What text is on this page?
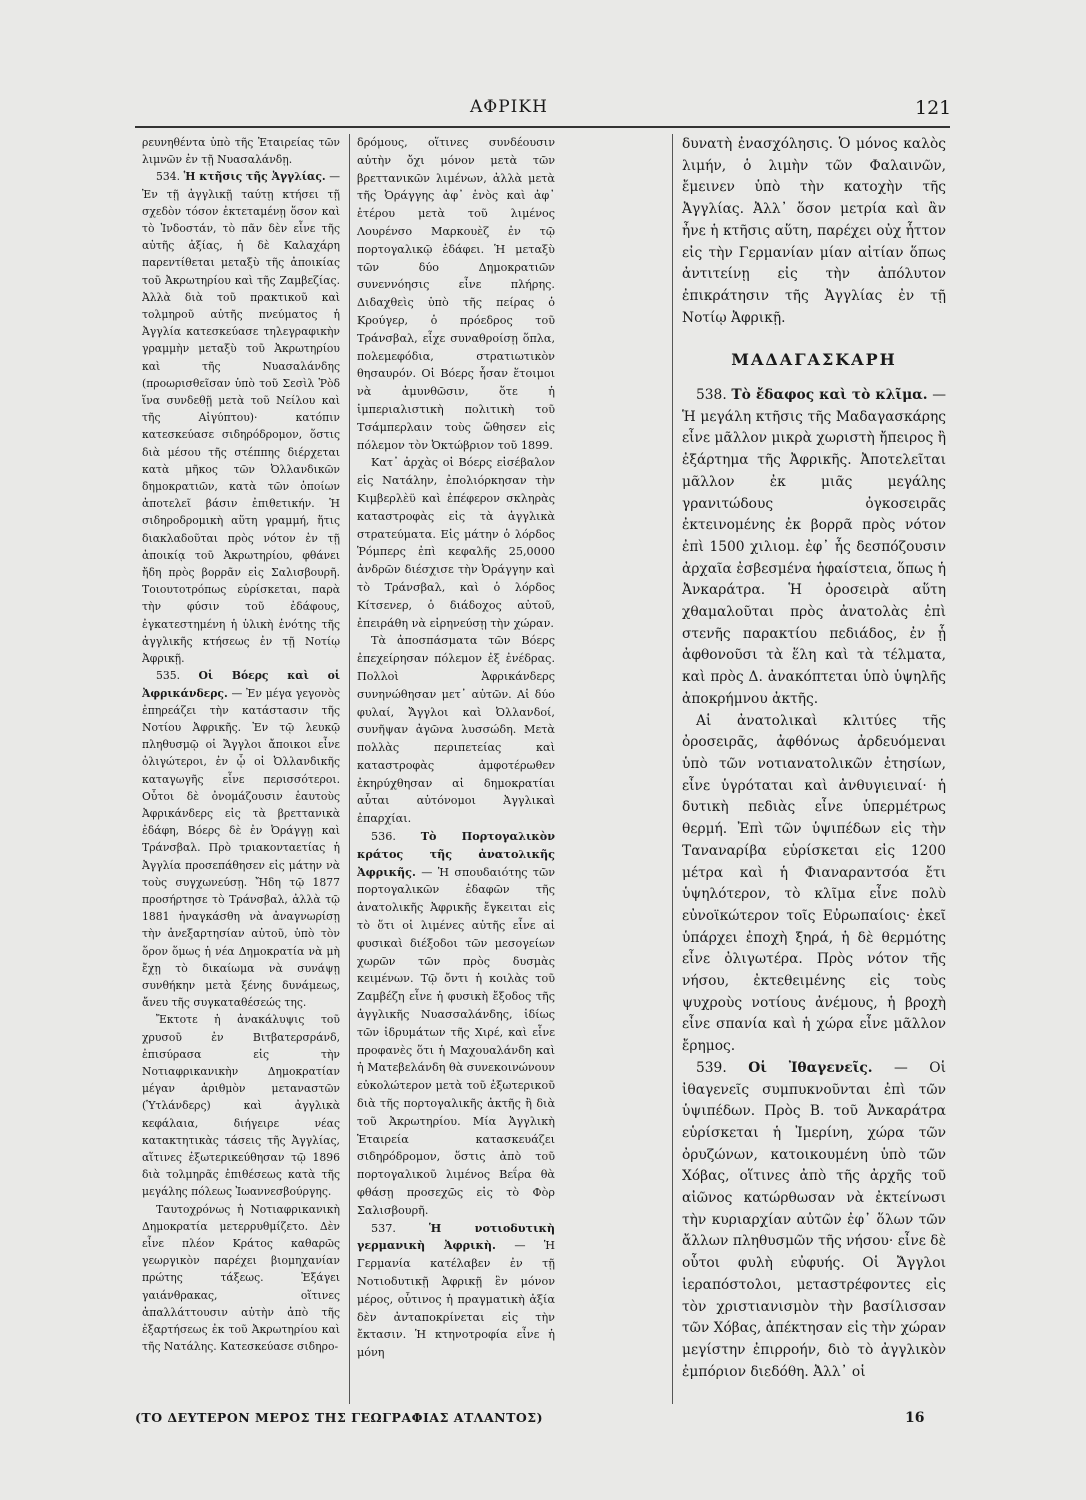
ΑΦΡΙΚΗ	121

ρευνηθέντα ὑπὸ τῆς Ἑταιρείας τῶν λιμνῶν ἐν τῇ Νυασαλάνδῃ.

534. Ἡ κτῆσις τῆς Ἀγγλίας. — Ἐν τῇ ἀγγλικῇ ταύτῃ κτήσει τῇ σχεδὸν τόσον ἐκτεταμένῃ ὅσον καὶ τὸ Ἰνδοστάν, τὸ πᾶν δὲν εἶνε τῆς αὐτῆς ἀξίας, ἡ δὲ Καλαχάρη παρεντίθεται μεταξὺ τῆς ἀποικίας τοῦ Ἀκρωτηρίου καὶ τῆς Ζαμβεζίας. Ἀλλὰ διὰ τοῦ πρακτικοῦ καὶ τολμηροῦ αὐτῆς πνεύματος ἡ Ἀγγλία κατεσκεύασε τηλεγραφικὴν γραμμὴν μεταξὺ τοῦ Ἀκρωτηρίου καὶ τῆς Νυασαλάνδης (προωρισθεῖσαν ὑπὸ τοῦ Σεσὶλ Ῥὸδ ἵνα συνδεθῇ μετὰ τοῦ Νείλου καὶ τῆς Αἰγύπτου)· κατόπιν κατεσκεύασε σιδηρόδρομον, ὅστις διὰ μέσου τῆς στέππης διέρχεται κατὰ μῆκος τῶν Ὀλλανδικῶν δημοκρατιῶν, κατὰ τῶν ὁποίων ἀποτελεῖ βάσιν ἐπιθετικήν. Ἡ σιδηροδρομικὴ αὕτη γραμμή, ἥτις διακλαδοῦται πρὸς νότον ἐν τῇ ἀποικίᾳ τοῦ Ἀκρωτηρίου, φθάνει ἤδη πρὸς βορρᾶν εἰς Σαλισβουρῆ. Τοιουτοτρόπως εὑρίσκεται, παρὰ τὴν φύσιν τοῦ ἐδάφους, ἐγκατεστημένη ἡ ὑλικὴ ἑνότης τῆς ἀγγλικῆς κτήσεως ἐν τῇ Νοτίῳ Ἀφρικῇ.

535. Οἱ Βόερς καὶ οἱ Ἀφρικάνδερς. — Ἐν μέγα γεγονὸς ἐπηρεάζει τὴν κατάστασιν τῆς Νοτίου Ἀφρικῆς. Ἐν τῷ λευκῷ πληθυσμῷ οἱ Ἄγγλοι ἄποικοι εἶνε ὀλιγώτεροι, ἐν ᾧ οἱ Ὀλλανδικῆς καταγωγῆς εἶνε περισσότεροι. Οὗτοι δὲ ὀνομάζουσιν ἑαυτοὺς Ἀφρικάνδερς εἰς τὰ βρεττανικὰ ἐδάφη, Βόερς δὲ ἐν Ὀράγγῃ καὶ Τράνσβαλ. Πρὸ τριακονταετίας ἡ Ἀγγλία προσεπάθησεν εἰς μάτην νὰ τοὺς συγχωνεύσῃ. Ἤδη τῷ 1877 προσήρτησε τὸ Τράνσβαλ, ἀλλὰ τῷ 1881 ἠναγκάσθη νὰ ἀναγνωρίσῃ τὴν ἀνεξαρτησίαν αὐτοῦ, ὑπὸ τὸν ὅρον ὅμως ἡ νέα Δημοκρατία νὰ μὴ ἔχῃ τὸ δικαίωμα νὰ συνάψῃ συνθήκην μετὰ ξένης δυνάμεως, ἄνευ τῆς συγκαταθέσεώς της.

Ἔκτοτε ἡ ἀνακάλυψις τοῦ χρυσοῦ ἐν Βιτβατερσράνδ, ἐπισύρασα εἰς τὴν Νοτιαφρικανικὴν Δημοκρατίαν μέγαν ἀριθμὸν μεταναστῶν (Ὑτλάνδερς) καὶ ἀγγλικὰ κεφάλαια, διήγειρε νέας κατακτητικὰς τάσεις τῆς Ἀγγλίας, αἵτινες ἐξωτερικεύθησαν τῷ 1896 διὰ τολμηρᾶς ἐπιθέσεως κατὰ τῆς μεγάλης πόλεως Ἰωαννεσβούργης.

Ταυτοχρόνως ἡ Νοτιαφρικανικὴ Δημοκρατία μετερρυθμίζετο. Δὲν εἶνε πλέον Κράτος καθαρῶς γεωργικὸν παρέχει βιομηχανίαν πρώτης τάξεως. Ἐξάγει γαιάνθρακας, οἵτινες ἀπαλλάττουσιν αὐτὴν ἀπὸ τῆς ἐξαρτήσεως ἐκ τοῦ Ἀκρωτηρίου καὶ τῆς Νατάλης. Κατεσκεύασε σιδηρο-

δρόμους, οἵτινες συνδέουσιν αὐτὴν ὄχι μόνον μετὰ τῶν βρεττανικῶν λιμένων, ἀλλὰ μετὰ τῆς Ὀράγγης ἀφ᾽ ἑνὸς καὶ ἀφ᾽ ἑτέρου μετὰ τοῦ λιμένος Λουρένσο Μαρκουὲζ ἐν τῷ πορτογαλικῷ ἐδάφει. Ἡ μεταξὺ τῶν δύο Δημοκρατιῶν συνεννόησις εἶνε πλήρης. Διδαχθεὶς ὑπὸ τῆς πείρας ὁ Κρούγερ, ὁ πρόεδρος τοῦ Τράνσβαλ, εἶχε συναθροίσῃ ὅπλα, πολεμεφόδια, στρατιωτικὸν θησαυρόν. Οἱ Βόερς ἦσαν ἕτοιμοι νὰ ἀμυνθῶσιν, ὅτε ἡ ἰμπεριαλιστικὴ πολιτικὴ τοῦ Τσάμπερλαιν τοὺς ὤθησεν εἰς πόλεμον τὸν Ὀκτώβριον τοῦ 1899.

Κατ᾽ ἀρχὰς οἱ Βόερς εἰσέβαλον εἰς Νατάλην, ἐπολιόρκησαν τὴν Κιμβερλὲϋ καὶ ἐπέφερον σκληρὰς καταστροφὰς εἰς τὰ ἀγγλικὰ στρατεύματα. Εἰς μάτην ὁ λόρδος Ῥόμπερς ἐπὶ κεφαλῆς 25,0000 ἀνδρῶν διέσχισε τὴν Ὀράγγην καὶ τὸ Τράνσβαλ, καὶ ὁ λόρδος Κίτσενερ, ὁ διάδοχος αὐτοῦ, ἐπειράθη νὰ εἰρηνεύσῃ τὴν χώραν.

Τὰ ἀποσπάσματα τῶν Βόερς ἐπεχείρησαν πόλεμον ἐξ ἐνέδρας. Πολλοὶ Ἀφρικάνδερς συνηνώθησαν μετ᾽ αὐτῶν. Αἱ δύο φυλαί, Ἄγγλοι καὶ Ὀλλανδοί, συνῆψαν ἀγῶνα λυσσώδη. Μετὰ πολλὰς περιπετείας καὶ καταστροφὰς ἀμφοτέρωθεν ἐκηρύχθησαν αἱ δημοκρατίαι αὗται αὐτόνομοι Ἀγγλικαὶ ἐπαρχίαι.

536. Τὸ Πορτογαλικὸν κράτος τῆς ἀνατολικῆς Ἀφρικῆς. — Ἡ σπουδαιότης τῶν πορτογαλικῶν ἐδαφῶν τῆς ἀνατολικῆς Ἀφρικῆς ἔγκειται εἰς τὸ ὅτι οἱ λιμένες αὐτῆς εἶνε αἱ φυσικαὶ διέξοδοι τῶν μεσογείων χωρῶν τῶν πρὸς δυσμὰς κειμένων. Τῷ ὄντι ἡ κοιλὰς τοῦ Ζαμβέζη εἶνε ἡ φυσικὴ ἔξοδος τῆς ἀγγλικῆς Νυασσαλάνδης, ἰδίως τῶν ἱδρυμάτων τῆς Χιρέ, καὶ εἶνε προφανὲς ὅτι ἡ Μαχουαλάνδη καὶ ἡ Ματεβελάνδη θὰ συνεκοινώνουν εὐκολώτερον μετὰ τοῦ ἐξωτερικοῦ διὰ τῆς πορτογαλικῆς ἀκτῆς ἢ διὰ τοῦ Ἀκρωτηρίου. Μία Ἀγγλικὴ Ἑταιρεία κατασκευάζει σιδηρόδρομον, ὅστις ἀπὸ τοῦ πορτογαλικοῦ λιμένος Βεΐρα θὰ φθάσῃ προσεχῶς εἰς τὸ Φὸρ Σαλισβουρῆ.

537.	Ἡ νοτιοδυτικὴ γερμανικὴ Ἀφρικὴ. — Ἡ Γερμανία κατέλαβεν ἐν τῇ Νοτιοδυτικῇ Ἀφρικῇ ἓν μόνον μέρος, οὗτινος ἡ πραγματικὴ ἀξία δὲν ἀνταποκρίνεται εἰς τὴν ἔκτασιν. Ἡ κτηνοτροφία εἶνε ἡ μόνη

δυνατὴ ἐνασχόλησις. Ὁ μόνος καλὸς λιμήν, ὁ λιμὴν τῶν Φαλαινῶν, ἔμεινεν ὑπὸ τὴν κατοχὴν τῆς Ἀγγλίας. Ἀλλ᾽ ὅσον μετρία καὶ ἂν ἦνε ἡ κτῆσις αὕτη, παρέχει οὐχ ἧττον εἰς τὴν Γερμανίαν μίαν αἰτίαν ὅπως ἀντιτείνῃ εἰς τὴν ἀπόλυτον ἐπικράτησιν τῆς Ἀγγλίας ἐν τῇ Νοτίῳ Ἀφρικῇ.

ΜΑΔΑΓΑΣΚΑΡΗ

538. Τὸ ἔδαφος καὶ τὸ κλῖμα. — Ἡ μεγάλη κτῆσις τῆς Μαδαγασκάρης εἶνε μᾶλλον μικρὰ χωριστὴ ἤπειρος ἢ ἐξάρτημα τῆς Ἀφρικῆς. Ἀποτελεῖται μᾶλλον ἐκ μιᾶς μεγάλης γρανιτώδους ὀγκοσειρᾶς ἐκτεινομένης ἐκ βορρᾶ πρὸς νότον ἐπὶ 1500 χιλιομ. ἐφ᾽ ἧς δεσπόζουσιν ἀρχαῖα ἐσβεσμένα ἡφαίστεια, ὅπως ἡ Ἀνκαράτρα. Ἡ ὀροσειρὰ αὕτη χθαμαλοῦται πρὸς ἀνατολὰς ἐπὶ στενῆς παρακτίου πεδιάδος, ἐν ᾗ ἀφθονοῦσι τὰ ἕλη καὶ τὰ τέλματα, καὶ πρὸς Δ. ἀνακόπτεται ὑπὸ ὑψηλῆς ἀποκρήμνου ἀκτῆς.

Αἱ ἀνατολικαὶ κλιτύες τῆς ὀροσειρᾶς, ἀφθόνως ἀρδευόμεναι ὑπὸ τῶν νοτιανατολικῶν ἐτησίων, εἶνε ὑγρόταται καὶ ἀνθυγιειναί· ἡ δυτικὴ πεδιὰς εἶνε ὑπερμέτρως θερμή. Ἐπὶ τῶν ὑψιπέδων εἰς τὴν Ταναναρίβα εὑρίσκεται εἰς 1200 μέτρα καὶ ἡ Φιαναραντσόα ἔτι ὑψηλότερον, τὸ κλῖμα εἶνε πολὺ εὐνοϊκώτερον τοῖς Εὐρωπαίοις· ἐκεῖ ὑπάρχει ἐποχὴ ξηρά, ἡ δὲ θερμότης εἶνε ὀλιγωτέρα. Πρὸς νότον τῆς νήσου, ἐκτεθειμένης εἰς τοὺς ψυχροὺς νοτίους ἀνέμους, ἡ βροχὴ εἶνε σπανία καὶ ἡ χώρα εἶνε μᾶλλον ἔρημος.

539. Οἱ Ἰθαγενεῖς. — Οἱ ἰθαγενεῖς συμπυκνοῦνται ἐπὶ τῶν ὑψιπέδων. Πρὸς Β. τοῦ Ἀνκαράτρα εὑρίσκεται ἡ Ἰμερίνη, χώρα τῶν ὀρυζώνων, κατοικουμένη ὑπὸ τῶν Χόβας, οἵτινες ἀπὸ τῆς ἀρχῆς τοῦ αἰῶνος κατώρθωσαν νὰ ἐκτείνωσι τὴν κυριαρχίαν αὐτῶν ἐφ᾽ ὅλων τῶν ἄλλων πληθυσμῶν τῆς νήσου· εἶνε δὲ οὗτοι φυλὴ εὐφυής. Οἱ Ἄγγλοι ἱεραπόστολοι, μεταστρέφοντες εἰς τὸν χριστιανισμὸν τὴν βασίλισσαν τῶν Χόβας, ἀπέκτησαν εἰς τὴν χώραν μεγίστην ἐπιρροήν, διὸ τὸ ἀγγλικὸν ἐμπόριον διεδόθη. Ἀλλ᾽ οἱ

(ΤΟ ΔΕΥΤΕΡΟΝ ΜΕΡΟΣ ΤΗΣ ΓΕΩΓΡΑΦΙΑΣ ΑΤΛΑΝΤΟΣ)	16
